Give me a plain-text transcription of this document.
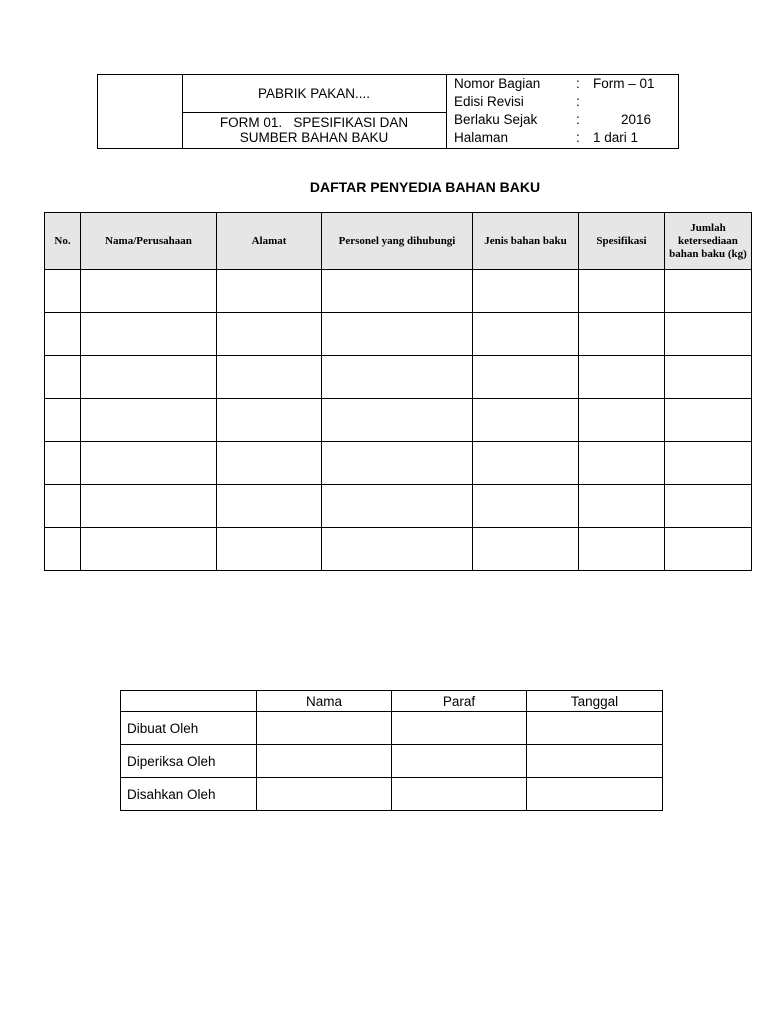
PABRIK PAKAN....
FORM 01.   SPESIFIKASI DAN
SUMBER BAHAN BAKU
Nomor Bagian	: Form – 01
Edisi Revisi	:
Berlaku Sejak	:	2016
Halaman	: 1 dari 1
DAFTAR PENYEDIA BAHAN BAKU
No.	Nama/Perusahaan	Alamat	Personel yang dihubungi	Jenis bahan baku	Spesifikasi	Jumlah ketersediaan bahan baku (kg)

	Nama	Paraf	Tanggal
Dibuat Oleh			
Diperiksa Oleh			
Disahkan Oleh			
